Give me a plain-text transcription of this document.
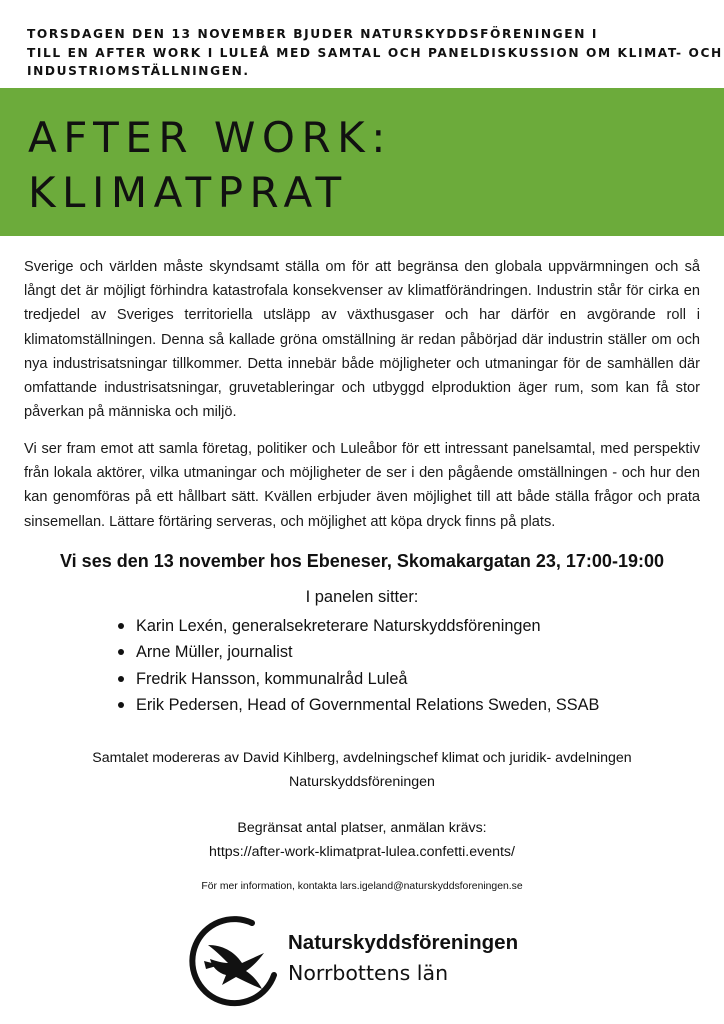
TORSDAGEN DEN 13 NOVEMBER BJUDER NATURSKYDDSFÖRENINGEN I
TILL EN AFTER WORK I LULEÅ MED SAMTAL OCH PANELDISKUSSION OM KLIMAT- OCH
INDUSTRIOMSTÄLLNINGEN.
AFTER WORK:
KLIMATPRAT

Sverige och världen måste skyndsamt ställa om för att begränsa den globala uppvärmningen och så långt det är möjligt förhindra katastrofala konsekvenser av klimatförändringen. Industrin står för cirka en tredjedel av Sveriges territoriella utsläpp av växthusgaser och har därför en avgörande roll i klimatomställningen. Denna så kallade gröna omställning är redan påbörjad där industrin ställer om och nya industrisatsningar tillkommer. Detta innebär både möjligheter och utmaningar för de samhällen där omfattande industrisatsningar, gruvetableringar och utbyggd elproduktion äger rum, som kan få stor påverkan på människa och miljö.

Vi ser fram emot att samla företag, politiker och Luleåbor för ett intressant panelsamtal, med perspektiv från lokala aktörer, vilka utmaningar och möjligheter de ser i den pågående omställningen - och hur den kan genomföras på ett hållbart sätt. Kvällen erbjuder även möjlighet till att både ställa frågor och prata sinsemellan. Lättare förtäring serveras, och möjlighet att köpa dryck finns på plats.

Vi ses den 13 november hos Ebeneser, Skomakargatan 23, 17:00-19:00
I panelen sitter:
Karin Lexén, generalsekreterare Naturskyddsföreningen
Arne Müller, journalist
Fredrik Hansson, kommunalråd Luleå
Erik Pedersen, Head of Governmental Relations Sweden, SSAB
Samtalet modereras av David Kihlberg, avdelningschef klimat och juridik- avdelningen
Naturskyddsföreningen
Begränsat antal platser, anmälan krävs:
https://after-work-klimatprat-lulea.confetti.events/
För mer information, kontakta lars.igeland@naturskyddsforeningen.se
Naturskyddsföreningen
Norrbottens län
